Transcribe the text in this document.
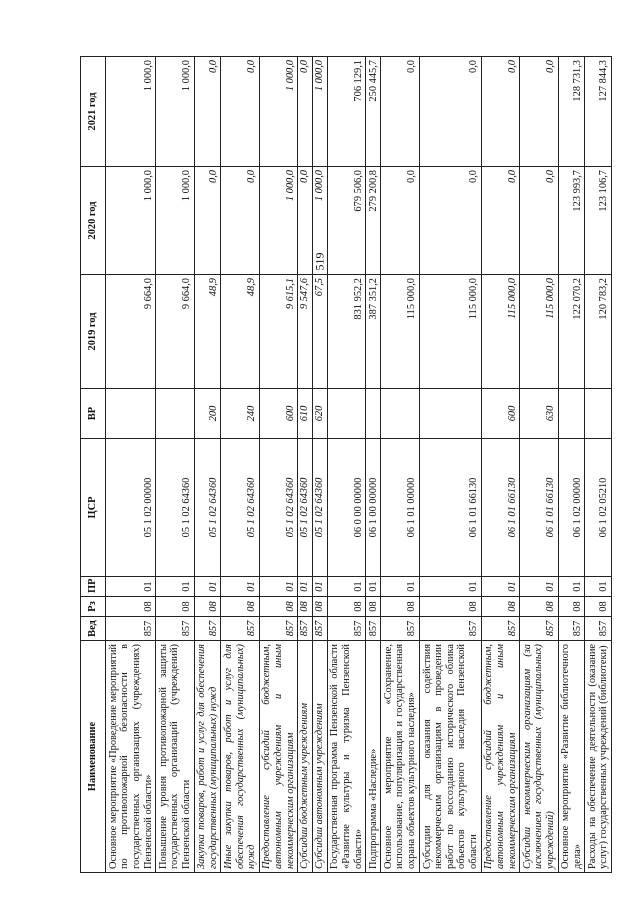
519
Наименование	Вед	Рз	ПР	ЦСР	ВР	2019 год	2020 год	2021 год
Основное мероприятие «Проведение мероприятий по противопожарной безопасности в государственных организациях (учреждениях) Пензенской области»	857	08	01	05 1 02 00000		9 664,0	1 000,0	1 000,0
Повышение уровня противопожарной защиты государственных организаций (учреждений) Пензенской области	857	08	01	05 1 02 64360		9 664,0	1 000,0	1 000,0
Закупка товаров, работ и услуг для обеспечения государственных (муниципальных) нужд	857	08	01	05 1 02 64360	200	48,9	0,0	0,0
Иные закупки товаров, работ и услуг для обеспечения государственных (муниципальных) нужд	857	08	01	05 1 02 64360	240	48,9	0,0	0,0
Предоставление субсидий бюджетным, автономным учреждениям и иным некоммерческим организациям	857	08	01	05 1 02 64360	600	9 615,1	1 000,0	1 000,0
Субсидии бюджетным учреждениям	857	08	01	05 1 02 64360	610	9 547,6	0,0	0,0
Субсидии автономным учреждениям	857	08	01	05 1 02 64360	620	67,5	1 000,0	1 000,0
Государственная программа Пензенской области «Развитие культуры и туризма Пензенской области»	857	08	01	06 0 00 00000		831 952,2	679 506,0	706 129,1
Подпрограмма «Наследие»	857	08	01	06 1 00 00000		387 351,2	279 200,8	250 445,7
Основное мероприятие «Сохранение, использование, популяризация и государственная охрана объектов культурного наследия»	857	08	01	06 1 01 00000		115 000,0	0,0	0,0
Субсидии для оказания содействия некоммерческим организациям в проведении работ по воссозданию исторического облика объектов культурного наследия Пензенской области	857	08	01	06 1 01 66130		115 000,0	0,0	0,0
Предоставление субсидий бюджетным, автономным учреждениям и иным некоммерческим организациям	857	08	01	06 1 01 66130	600	115 000,0	0,0	0,0
Субсидии некоммерческим организациям (за исключением государственных (муниципальных) учреждений)	857	08	01	06 1 01 66130	630	115 000,0	0,0	0,0
Основное мероприятие «Развитие библиотечного дела»	857	08	01	06 1 02 00000		122 070,2	123 993,7	128 731,3
Расходы на обеспечение деятельности (оказание услуг) государственных учреждений (библиотеки)	857	08	01	06 1 02 05210		120 783,2	123 106,7	127 844,3
